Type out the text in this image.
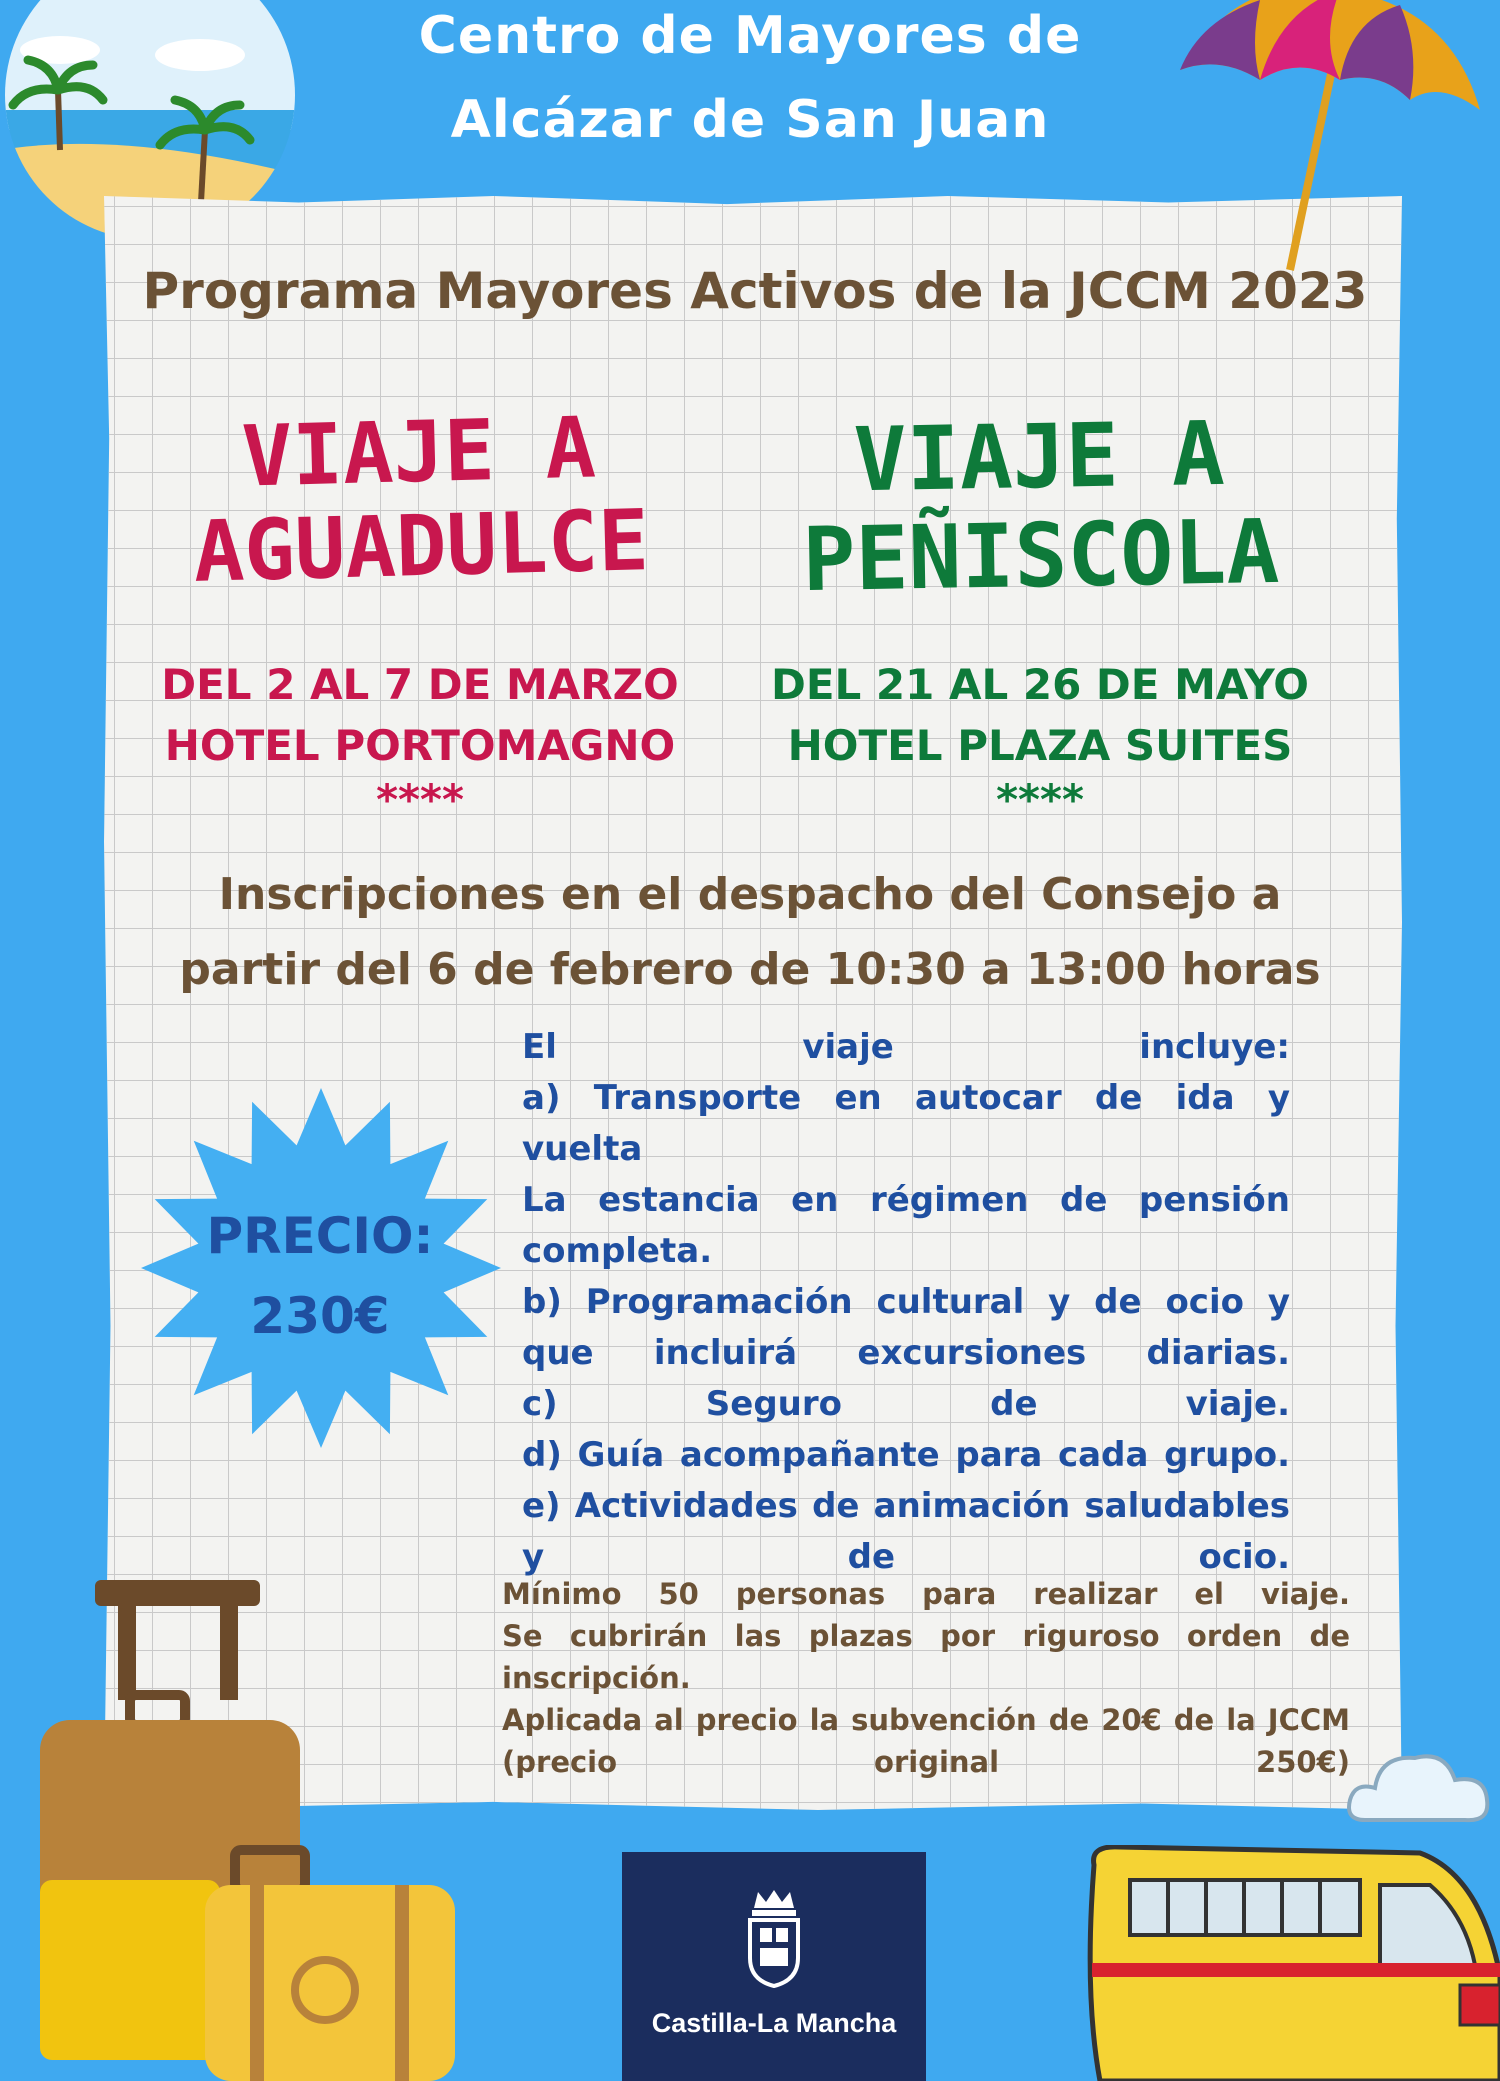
Centro de Mayores de
Alcázar de San Juan
Programa Mayores Activos de la JCCM 2023
VIAJE A
AGUADULCE
VIAJE A
PEÑISCOLA
DEL 2 AL 7 DE MARZO
HOTEL PORTOMAGNO
****
DEL 21 AL 26 DE MAYO
HOTEL PLAZA SUITES
****
Inscripciones en el despacho del Consejo a
partir del 6 de febrero de 10:30 a 13:00 horas
PRECIO:
230€
El viaje incluye:
a) Transporte en autocar de ida y vuelta
La estancia en régimen de pensión completa.
b) Programación cultural y de ocio y que incluirá excursiones diarias.
c) Seguro de viaje.
d) Guía acompañante para cada grupo.
e) Actividades de animación saludables y de ocio.
Mínimo 50 personas para realizar el viaje.
Se cubrirán las plazas por riguroso orden de inscripción.
Aplicada al precio la subvención de 20€ de la JCCM (precio original 250€)
Castilla-La Mancha
